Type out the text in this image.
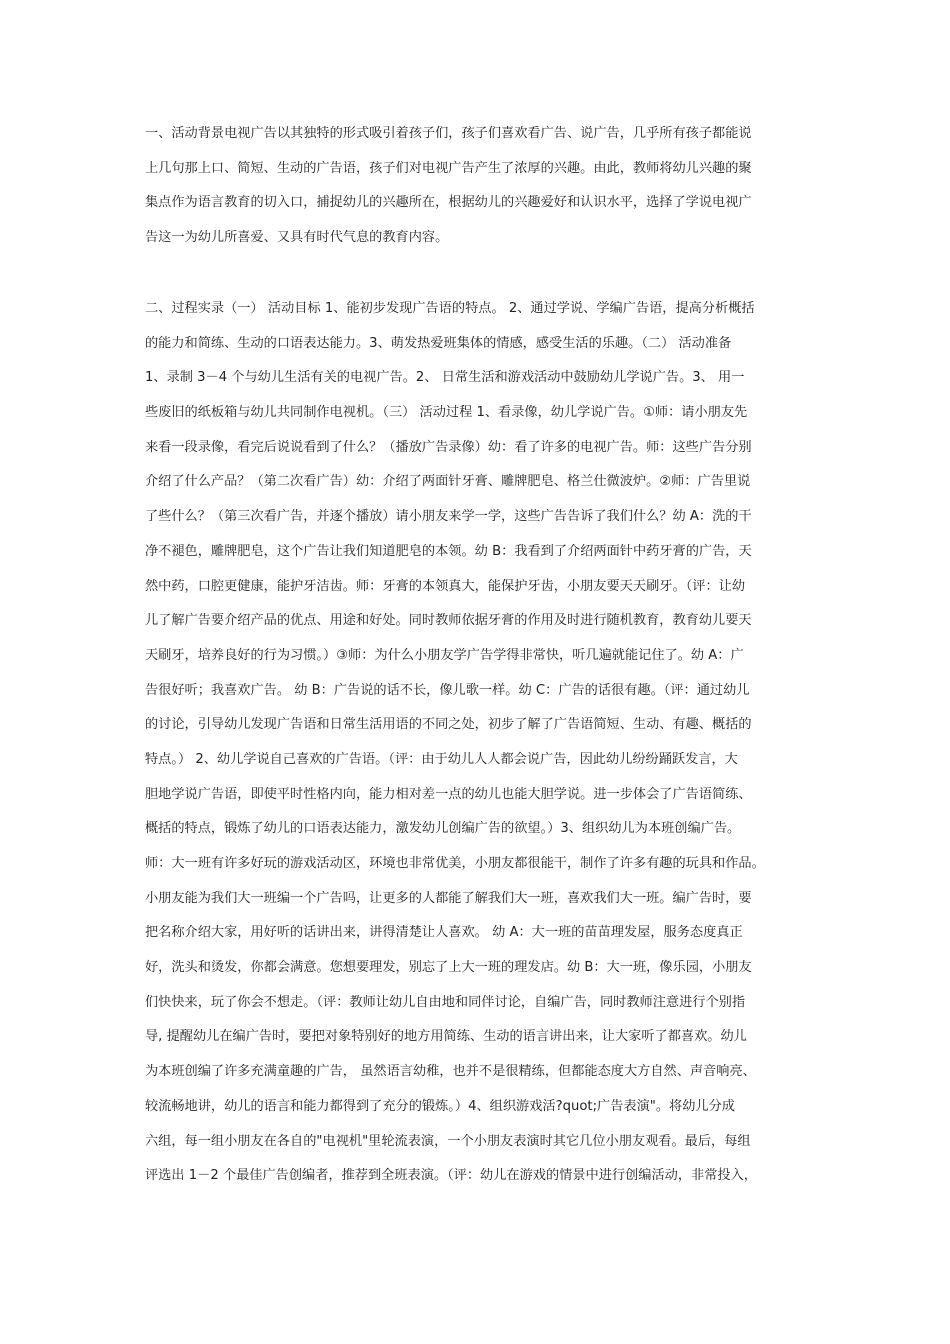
一、活动背景电视广告以其独特的形式吸引着孩子们，孩子们喜欢看广告、说广告，几乎所有孩子都能说
上几句那上口、简短、生动的广告语，孩子们对电视广告产生了浓厚的兴趣。由此，教师将幼儿兴趣的聚
集点作为语言教育的切入口，捕捉幼儿的兴趣所在，根据幼儿的兴趣爱好和认识水平，选择了学说电视广
告这一为幼儿所喜爱、又具有时代气息的教育内容。
二、过程实录（一） 活动目标 1、能初步发现广告语的特点。 2、通过学说、学编广告语，提高分析概括
的能力和简练、生动的口语表达能力。3、萌发热爱班集体的情感，感受生活的乐趣。（二） 活动准备
1、录制 3－4 个与幼儿生活有关的电视广告。2、 日常生活和游戏活动中鼓励幼儿学说广告。3、 用一
些废旧的纸板箱与幼儿共同制作电视机。（三） 活动过程 1、看录像，幼儿学说广告。①师：请小朋友先
来看一段录像，看完后说说看到了什么？（播放广告录像）幼：看了许多的电视广告。师：这些广告分别
介绍了什么产品？（第二次看广告）幼：介绍了两面针牙膏、雕牌肥皂、格兰仕微波炉。②师：广告里说
了些什么？（第三次看广告，并逐个播放）请小朋友来学一学，这些广告告诉了我们什么？幼 A：洗的干
净不褪色，雕牌肥皂，这个广告让我们知道肥皂的本领。幼 B：我看到了介绍两面针中药牙膏的广告，天
然中药，口腔更健康，能护牙洁齿。师：牙膏的本领真大，能保护牙齿，小朋友要天天刷牙。（评：让幼
儿了解广告要介绍产品的优点、用途和好处。同时教师依据牙膏的作用及时进行随机教育，教育幼儿要天
天刷牙，培养良好的行为习惯。）③师：为什么小朋友学广告学得非常快，听几遍就能记住了。幼 A：广
告很好听；我喜欢广告。 幼 B：广告说的话不长，像儿歌一样。幼 C：广告的话很有趣。（评：通过幼儿
的讨论，引导幼儿发现广告语和日常生活用语的不同之处，初步了解了广告语简短、生动、有趣、概括的
特点。） 2、幼儿学说自己喜欢的广告语。（评：由于幼儿人人都会说广告，因此幼儿纷纷踊跃发言，大
胆地学说广告语，即使平时性格内向，能力相对差一点的幼儿也能大胆学说。进一步体会了广告语简练、
概括的特点，锻炼了幼儿的口语表达能力，激发幼儿创编广告的欲望。）3、组织幼儿为本班创编广告。
师：大一班有许多好玩的游戏活动区，环境也非常优美，小朋友都很能干，制作了许多有趣的玩具和作品。
小朋友能为我们大一班编一个广告吗，让更多的人都能了解我们大一班，喜欢我们大一班。编广告时，要
把名称介绍大家，用好听的话讲出来，讲得清楚让人喜欢。 幼 A：大一班的苗苗理发屋，服务态度真正
好，洗头和烫发，你都会满意。您想要理发，别忘了上大一班的理发店。幼 B：大一班，像乐园，小朋友
们快快来，玩了你会不想走。（评：教师让幼儿自由地和同伴讨论，自编广告，同时教师注意进行个别指
导, 提醒幼儿在编广告时，要把对象特别好的地方用简练、生动的语言讲出来，让大家听了都喜欢。幼儿
为本班创编了许多充满童趣的广告， 虽然语言幼稚，也并不是很精练，但都能态度大方自然、声音响亮、
较流畅地讲，幼儿的语言和能力都得到了充分的锻炼。）4、组织游戏活?quot;广告表演"。将幼儿分成
六组，每一组小朋友在各自的"电视机"里轮流表演，一个小朋友表演时其它几位小朋友观看。最后，每组
评选出 1－2 个最佳广告创编者，推荐到全班表演。（评：幼儿在游戏的情景中进行创编活动，非常投入，
